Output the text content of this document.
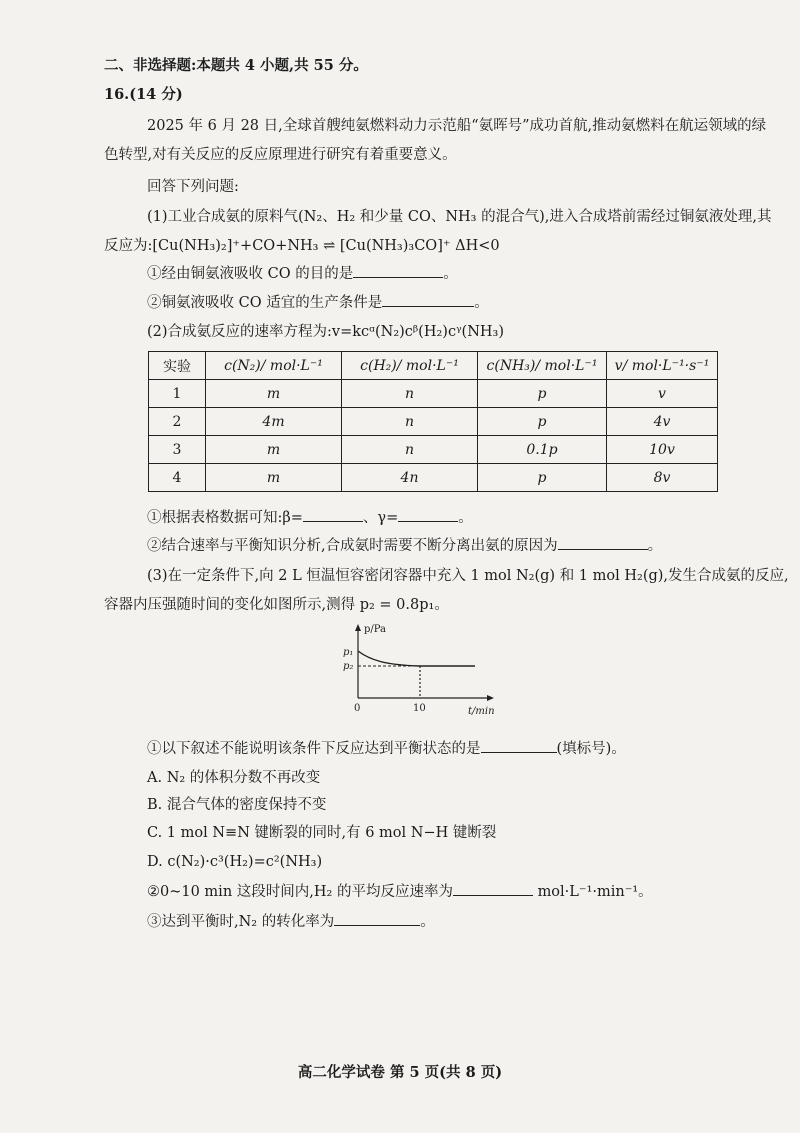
二、非选择题:本题共 4 小题,共 55 分。
16.(14 分)
2025 年 6 月 28 日,全球首艘纯氨燃料动力示范船“氨晖号”成功首航,推动氨燃料在航运领域的绿
色转型,对有关反应的反应原理进行研究有着重要意义。
回答下列问题:
(1)工业合成氨的原料气(N₂、H₂ 和少量 CO、NH₃ 的混合气),进入合成塔前需经过铜氨液处理,其
反应为:[Cu(NH₃)₂]⁺+CO+NH₃ ⇌ [Cu(NH₃)₃CO]⁺ ΔH<0
①经由铜氨液吸收 CO 的目的是	。
②铜氨液吸收 CO 适宜的生产条件是	。
(2)合成氨反应的速率方程为:v=kcᵅ(N₂)cᵝ(H₂)cᵞ(NH₃)
实验	c(N₂)/ mol·L⁻¹	c(H₂)/ mol·L⁻¹	c(NH₃)/ mol·L⁻¹	v/ mol·L⁻¹·s⁻¹
1	m	n	p	v
2	4m	n	p	4v
3	m	n	0.1p	10v
4	m	4n	p	8v
①根据表格数据可知:β=	、γ=	。
②结合速率与平衡知识分析,合成氨时需要不断分离出氨的原因为	。
(3)在一定条件下,向 2 L 恒温恒容密闭容器中充入 1 mol N₂(g) 和 1 mol H₂(g),发生合成氨的反应,
容器内压强随时间的变化如图所示,测得 p₂ = 0.8p₁。
p/Pa
t/min
p₁
p₂
0	10
①以下叙述不能说明该条件下反应达到平衡状态的是	(填标号)。
A. N₂ 的体积分数不再改变
B. 混合气体的密度保持不变
C. 1 mol N≡N 键断裂的同时,有 6 mol N−H 键断裂
D. c(N₂)·c³(H₂)=c²(NH₃)
②0~10 min 这段时间内,H₂ 的平均反应速率为	mol·L⁻¹·min⁻¹。
③达到平衡时,N₂ 的转化率为	。
高二化学试卷 第 5 页(共 8 页)
